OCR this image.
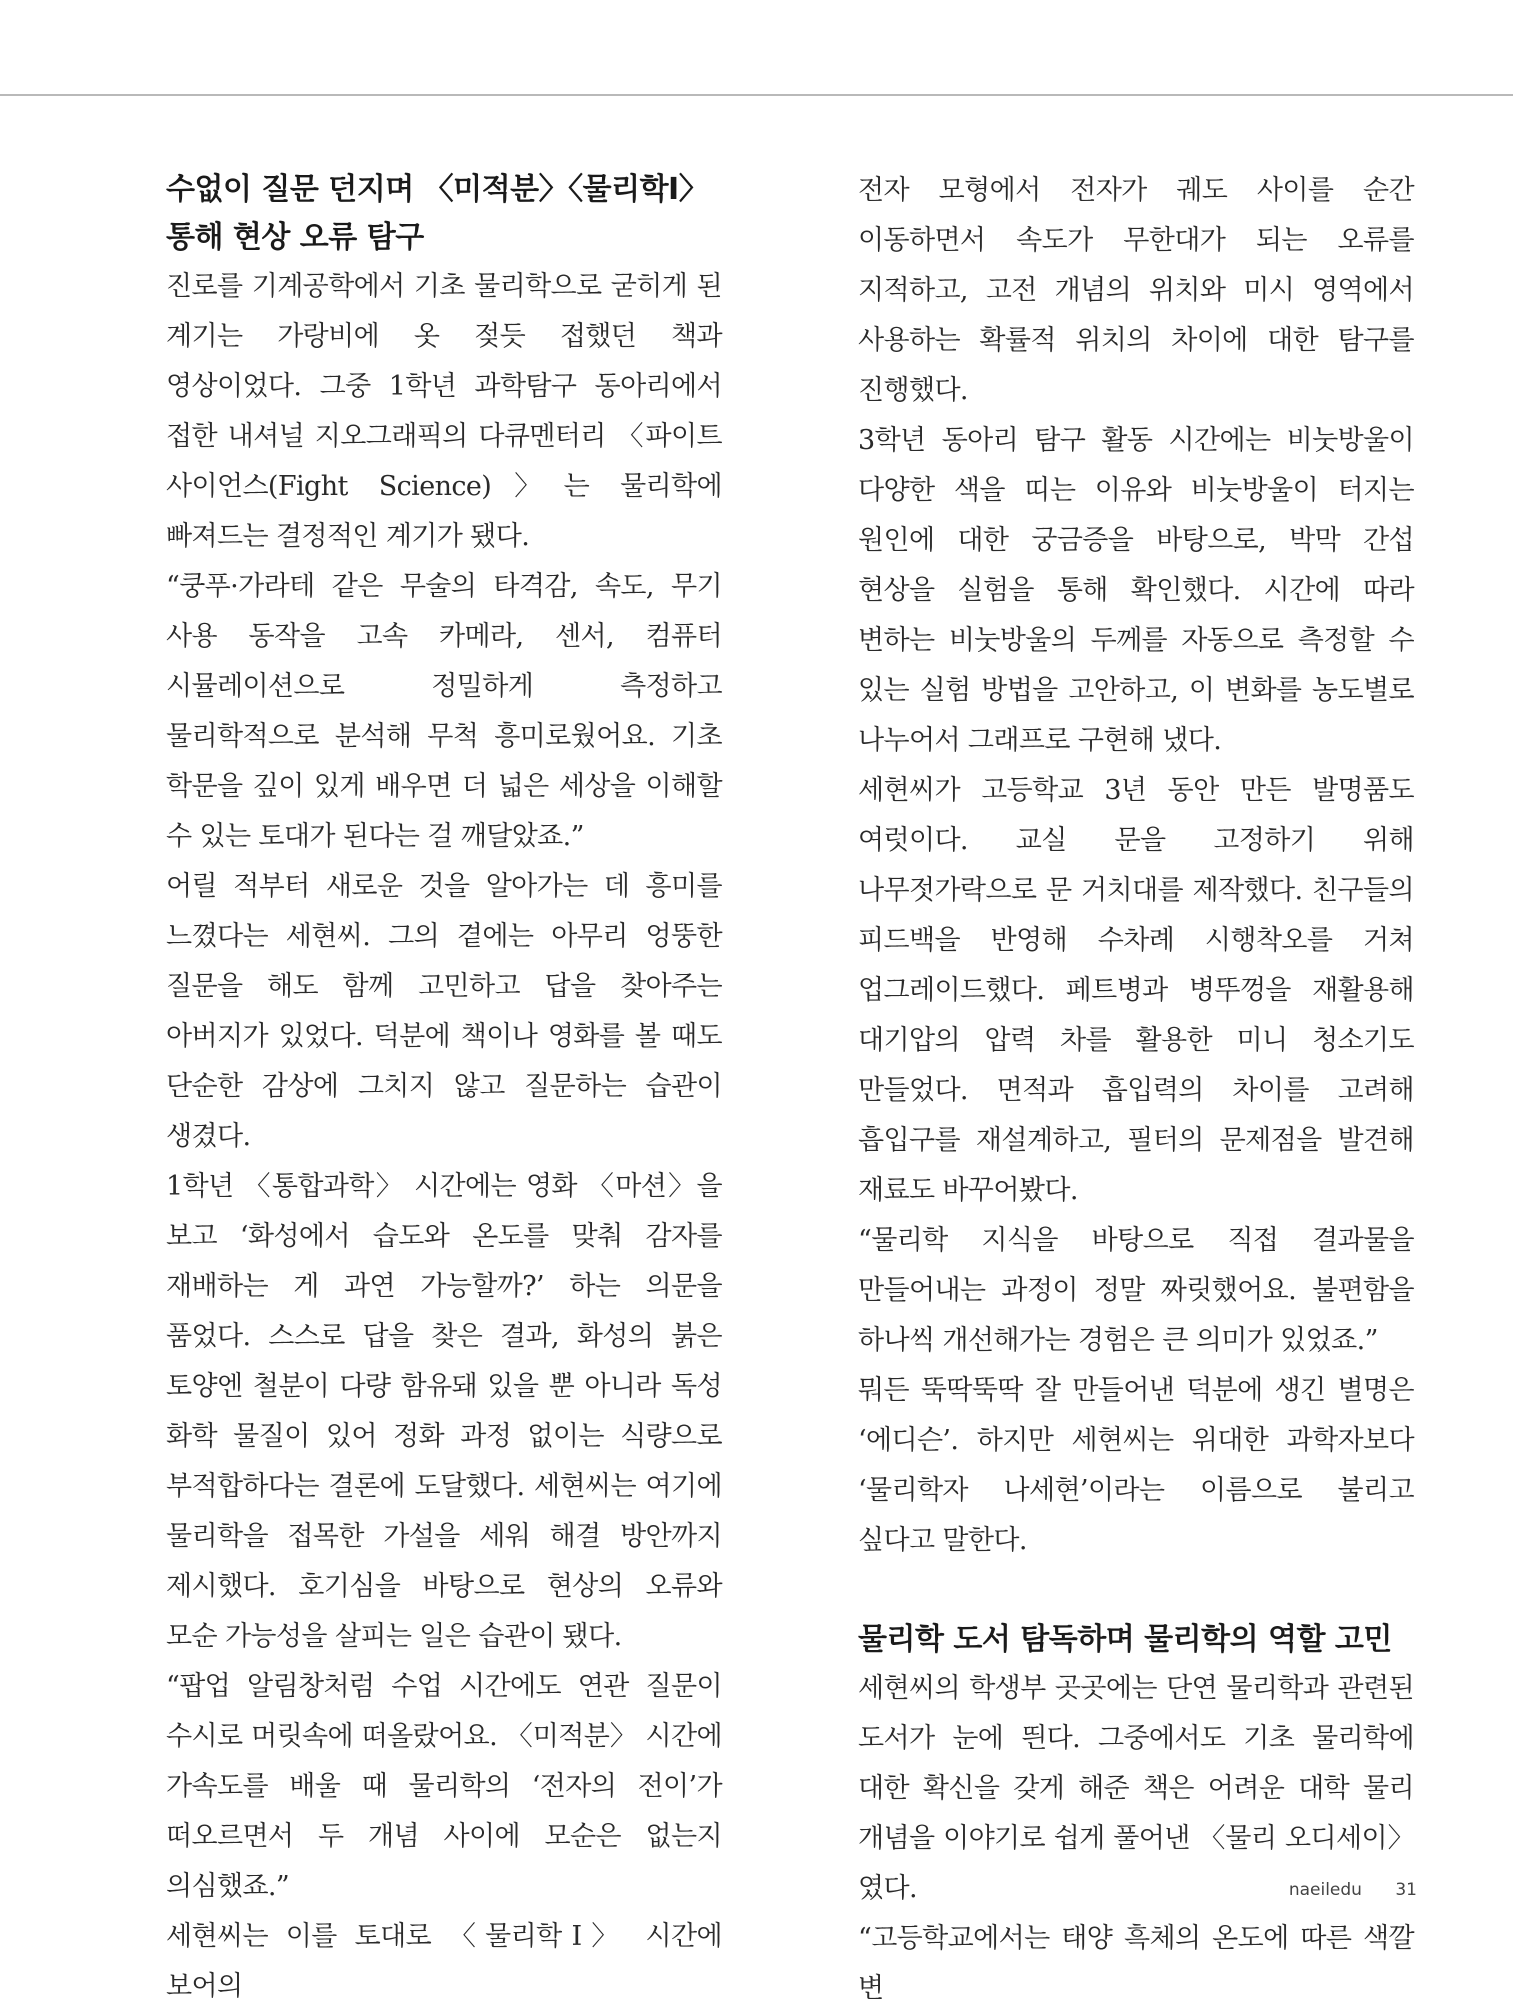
수없이 질문 던지며 〈미적분〉〈물리학Ⅰ〉통해 현상 오류 탐구

진로를 기계공학에서 기초 물리학으로 굳히게 된 계기는 가랑비에 옷 젖듯 접했던 책과 영상이었다. 그중 1학년 과학탐구 동아리에서 접한 내셔널 지오그래픽의 다큐멘터리 〈파이트 사이언스(Fight Science)〉는 물리학에 빠져드는 결정적인 계기가 됐다.

“쿵푸·가라테 같은 무술의 타격감, 속도, 무기 사용 동작을 고속 카메라, 센서, 컴퓨터 시뮬레이션으로 정밀하게 측정하고 물리학적으로 분석해 무척 흥미로웠어요. 기초 학문을 깊이 있게 배우면 더 넓은 세상을 이해할 수 있는 토대가 된다는 걸 깨달았죠.”

어릴 적부터 새로운 것을 알아가는 데 흥미를 느꼈다는 세현씨. 그의 곁에는 아무리 엉뚱한 질문을 해도 함께 고민하고 답을 찾아주는 아버지가 있었다. 덕분에 책이나 영화를 볼 때도 단순한 감상에 그치지 않고 질문하는 습관이 생겼다.

1학년 〈통합과학〉 시간에는 영화 〈마션〉을 보고 ‘화성에서 습도와 온도를 맞춰 감자를 재배하는 게 과연 가능할까?’ 하는 의문을 품었다. 스스로 답을 찾은 결과, 화성의 붉은 토양엔 철분이 다량 함유돼 있을 뿐 아니라 독성 화학 물질이 있어 정화 과정 없이는 식량으로 부적합하다는 결론에 도달했다. 세현씨는 여기에 물리학을 접목한 가설을 세워 해결 방안까지 제시했다. 호기심을 바탕으로 현상의 오류와 모순 가능성을 살피는 일은 습관이 됐다.

“팝업 알림창처럼 수업 시간에도 연관 질문이 수시로 머릿속에 떠올랐어요. 〈미적분〉 시간에 가속도를 배울 때 물리학의 ‘전자의 전이’가 떠오르면서 두 개념 사이에 모순은 없는지 의심했죠.”

세현씨는 이를 토대로 〈물리학Ⅰ〉 시간에 보어의

전자 모형에서 전자가 궤도 사이를 순간 이동하면서 속도가 무한대가 되는 오류를 지적하고, 고전 개념의 위치와 미시 영역에서 사용하는 확률적 위치의 차이에 대한 탐구를 진행했다.

3학년 동아리 탐구 활동 시간에는 비눗방울이 다양한 색을 띠는 이유와 비눗방울이 터지는 원인에 대한 궁금증을 바탕으로, 박막 간섭 현상을 실험을 통해 확인했다. 시간에 따라 변하는 비눗방울의 두께를 자동으로 측정할 수 있는 실험 방법을 고안하고, 이 변화를 농도별로 나누어서 그래프로 구현해 냈다.

세현씨가 고등학교 3년 동안 만든 발명품도 여럿이다. 교실 문을 고정하기 위해 나무젓가락으로 문 거치대를 제작했다. 친구들의 피드백을 반영해 수차례 시행착오를 거쳐 업그레이드했다. 페트병과 병뚜껑을 재활용해 대기압의 압력 차를 활용한 미니 청소기도 만들었다. 면적과 흡입력의 차이를 고려해 흡입구를 재설계하고, 필터의 문제점을 발견해 재료도 바꾸어봤다.

“물리학 지식을 바탕으로 직접 결과물을 만들어내는 과정이 정말 짜릿했어요. 불편함을 하나씩 개선해가는 경험은 큰 의미가 있었죠.”

뭐든 뚝딱뚝딱 잘 만들어낸 덕분에 생긴 별명은 ‘에디슨’. 하지만 세현씨는 위대한 과학자보다 ‘물리학자 나세현’이라는 이름으로 불리고 싶다고 말한다.

물리학 도서 탐독하며 물리학의 역할 고민

세현씨의 학생부 곳곳에는 단연 물리학과 관련된 도서가 눈에 띈다. 그중에서도 기초 물리학에 대한 확신을 갖게 해준 책은 어려운 대학 물리 개념을 이야기로 쉽게 풀어낸 〈물리 오디세이〉였다.

“고등학교에서는 태양 흑체의 온도에 따른 색깔 변

naeiledu 31
